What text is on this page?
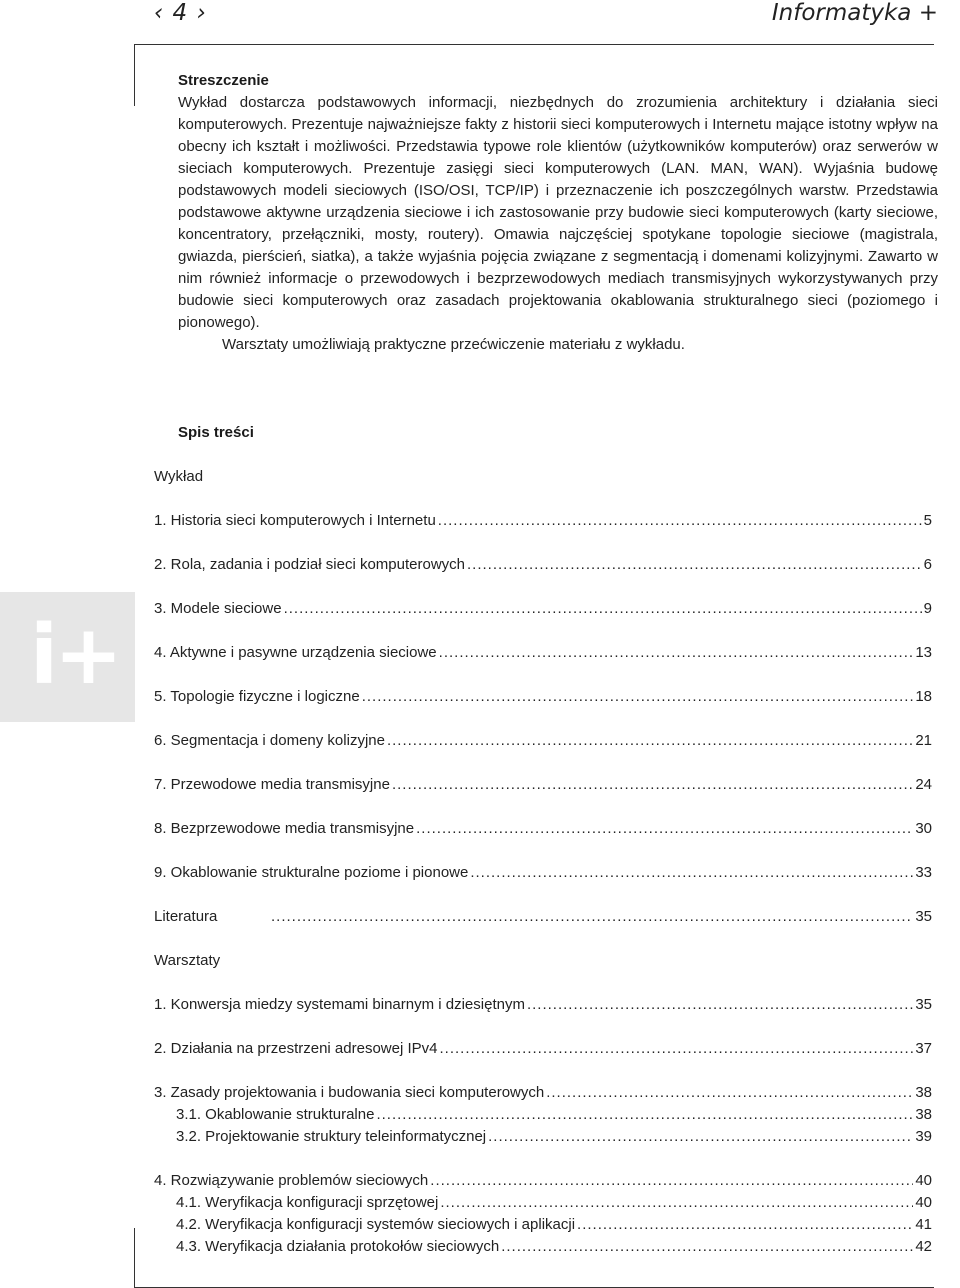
‹ 4 ›	Informatyka +
i+

Streszczenie

Wykład dostarcza podstawowych informacji, niezbędnych do zrozumienia architektury i działania sieci komputerowych. Prezentuje najważniejsze fakty z historii sieci komputerowych i Internetu mające istotny wpływ na obecny ich kształt i możliwości. Przedstawia typowe role klientów (użytkowników komputerów) oraz serwerów w sieciach komputerowych. Prezentuje zasięgi sieci komputerowych (LAN. MAN, WAN). Wyjaśnia budowę podstawowych modeli sieciowych (ISO/OSI, TCP/IP) i przeznaczenie ich poszczególnych warstw. Przedstawia podstawowe aktywne urządzenia sieciowe i ich zastosowanie przy budowie sieci komputerowych (karty sieciowe, koncentratory, przełączniki, mosty, routery). Omawia najczęściej spotykane topologie sieciowe (magistrala, gwiazda, pierścień, siatka), a także wyjaśnia pojęcia związane z segmentacją i domenami kolizyjnymi. Zawarto w nim również informacje o przewodowych i bezprzewodowych mediach transmisyjnych wykorzystywanych przy budowie sieci komputerowych oraz zasadach projektowania okablowania strukturalnego sieci (poziomego i pionowego).

Warsztaty umożliwiają praktyczne przećwiczenie materiału z wykładu.

Spis treści
Wykład
1. Historia sieci komputerowych i Internetu .....	5
2. Rola, zadania i podział sieci komputerowych .....	6
3. Modele sieciowe .....	9
4. Aktywne i pasywne urządzenia sieciowe .....	13
5. Topologie fizyczne i logiczne .....	18
6. Segmentacja i domeny kolizyjne .....	21
7. Przewodowe media transmisyjne .....	24
8. Bezprzewodowe media transmisyjne .....	30
9. Okablowanie strukturalne poziome i pionowe .....	33
Literatura .....	35
Warsztaty
1. Konwersja miedzy systemami binarnym i dziesiętnym .....	35
2. Działania na przestrzeni adresowej IPv4 .....	37
3. Zasady projektowania i budowania sieci komputerowych .....	38
3.1. Okablowanie strukturalne .....	38
3.2. Projektowanie struktury teleinformatycznej .....	39
4. Rozwiązywanie problemów sieciowych .....	40
4.1. Weryfikacja konfiguracji sprzętowej .....	40
4.2. Weryfikacja konfiguracji systemów sieciowych i aplikacji .....	41
4.3. Weryfikacja działania protokołów sieciowych .....	42
